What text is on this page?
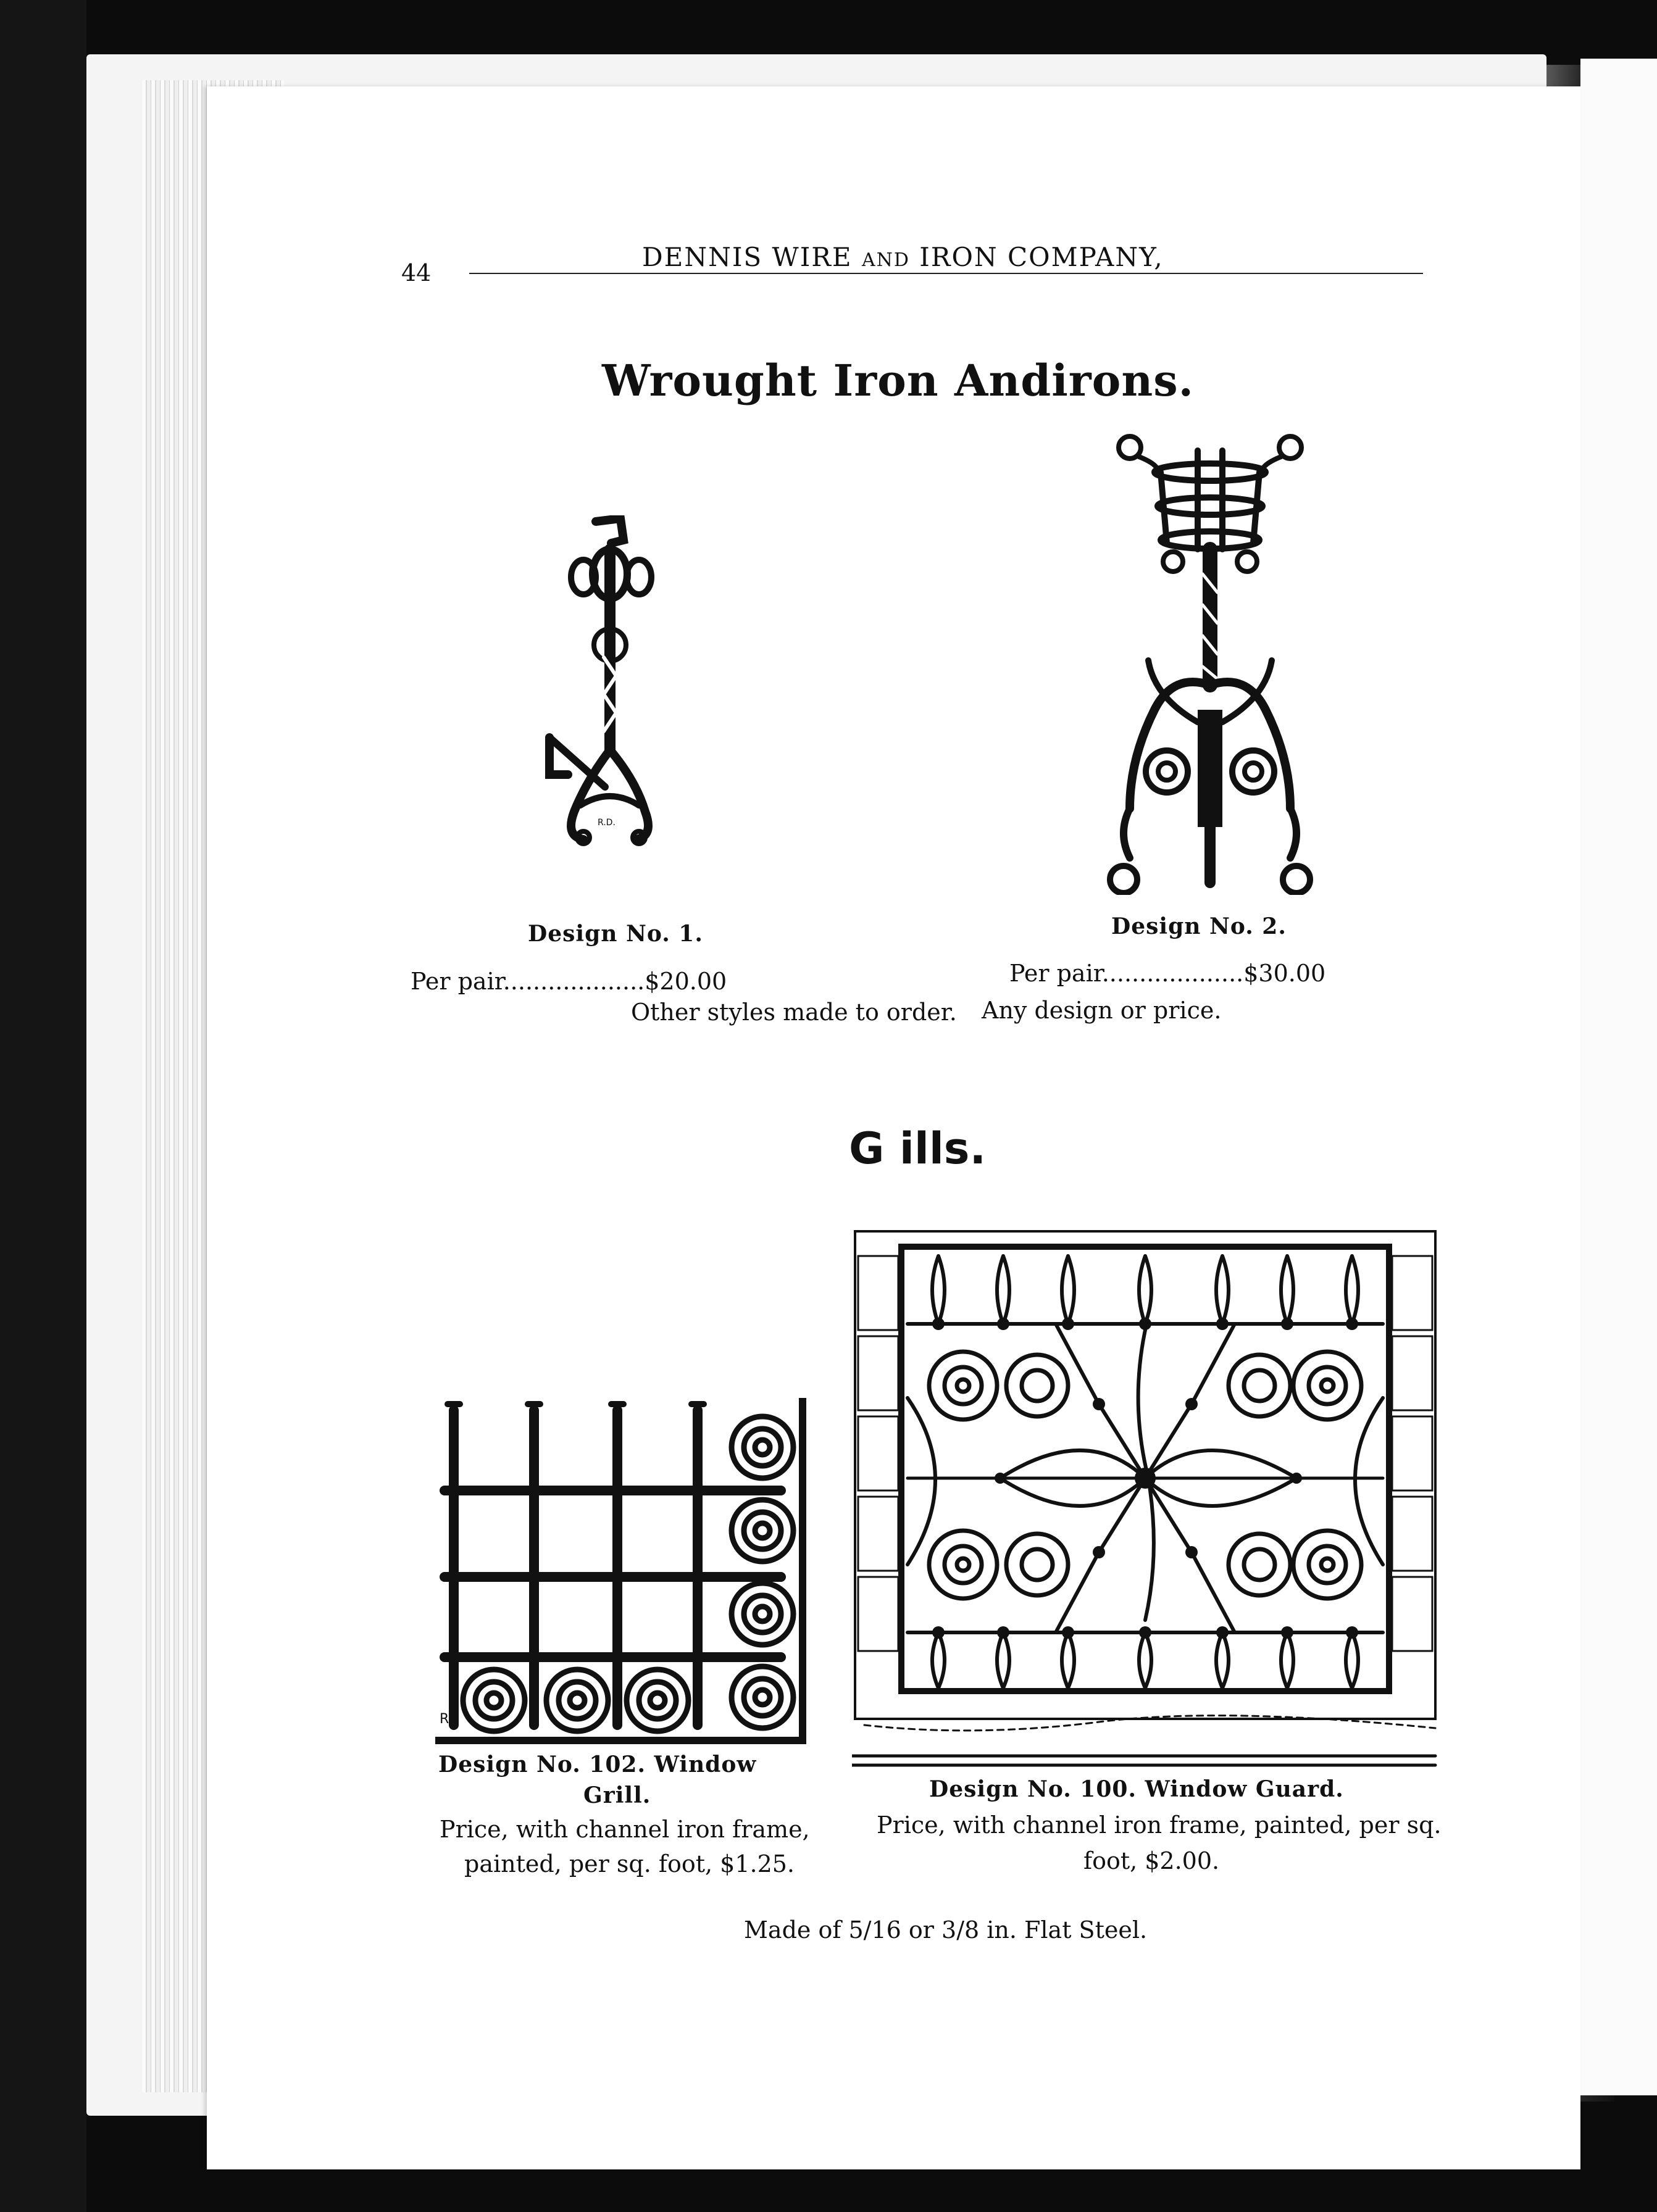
44
DENNIS WIRE AND IRON COMPANY,
Wrought Iron Andirons.
R.D.
Design No. 1.
Per pair...................$20.00
Other styles made to order.
Design No. 2.
Per pair...................$30.00
Any design or price.
G ills.
RD
Design No. 102. Window
Grill.
Price, with channel iron frame,
painted, per sq. foot, $1.25.
Design No. 100. Window Guard.
Price, with channel iron frame, painted, per sq.
foot, $2.00.
Made of 5/16 or 3/8 in. Flat Steel.
